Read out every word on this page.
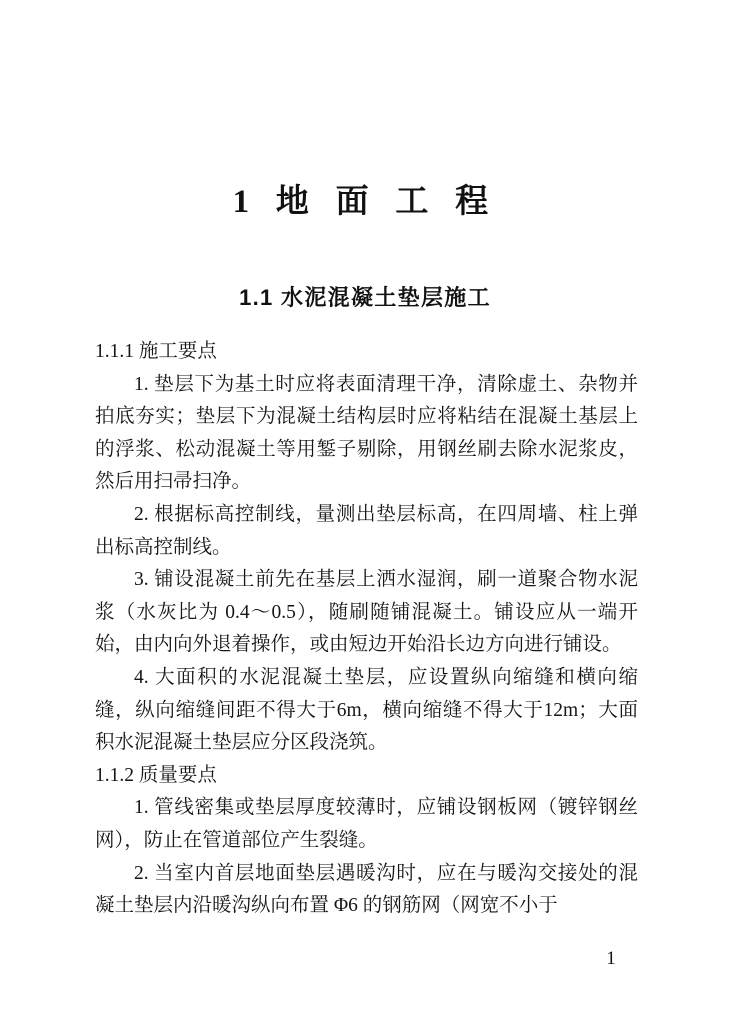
1 地 面 工 程
1.1 水泥混凝土垫层施工

1.1.1 施工要点

1. 垫层下为基土时应将表面清理干净，清除虚土、杂物并拍底夯实；垫层下为混凝土结构层时应将粘结在混凝土基层上的浮浆、松动混凝土等用錾子剔除，用钢丝刷去除水泥浆皮，然后用扫帚扫净。

2. 根据标高控制线，量测出垫层标高，在四周墙、柱上弹出标高控制线。

3. 铺设混凝土前先在基层上洒水湿润，刷一道聚合物水泥浆（水灰比为 0.4～0.5），随刷随铺混凝土。铺设应从一端开始，由内向外退着操作，或由短边开始沿长边方向进行铺设。

4. 大面积的水泥混凝土垫层，应设置纵向缩缝和横向缩缝，纵向缩缝间距不得大于6m，横向缩缝不得大于12m；大面积水泥混凝土垫层应分区段浇筑。

1.1.2 质量要点

1. 管线密集或垫层厚度较薄时，应铺设钢板网（镀锌钢丝网），防止在管道部位产生裂缝。

2. 当室内首层地面垫层遇暖沟时，应在与暖沟交接处的混凝土垫层内沿暖沟纵向布置 Φ6 的钢筋网（网宽不小于

1
